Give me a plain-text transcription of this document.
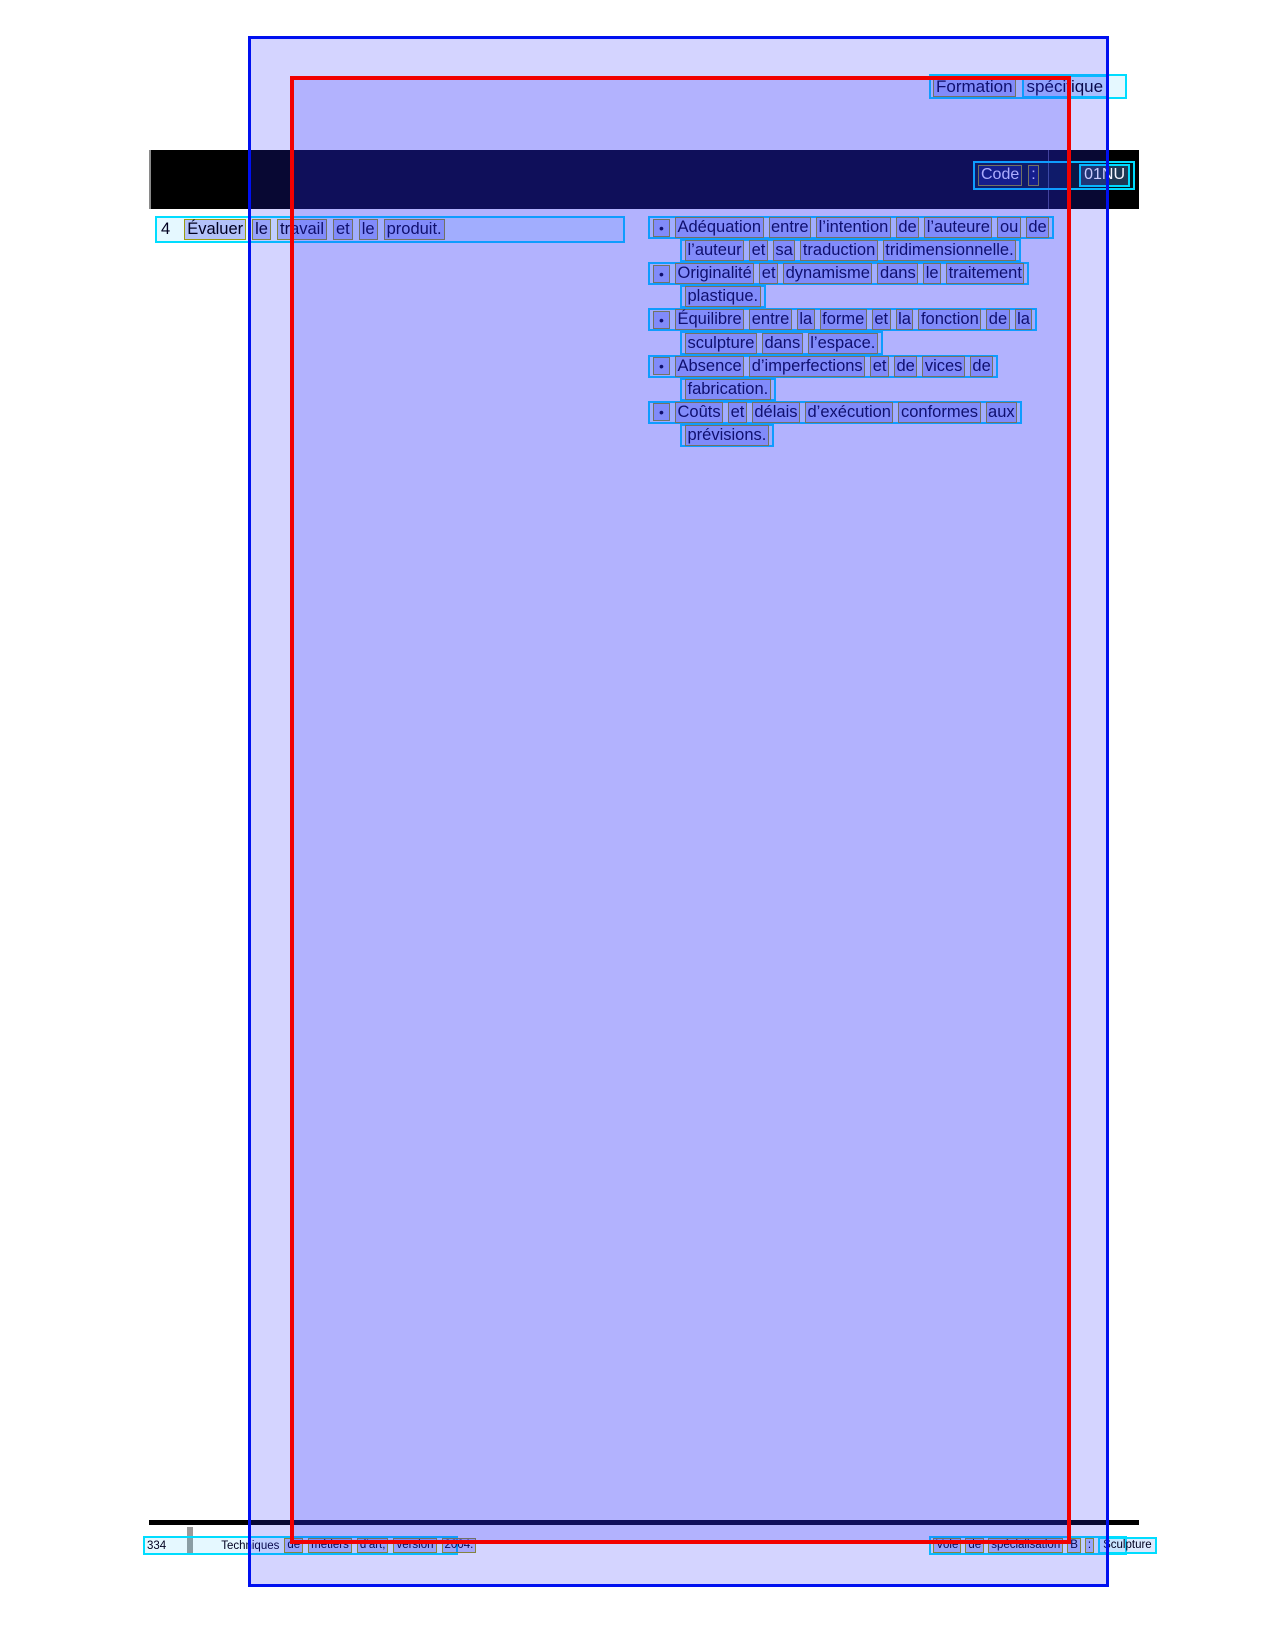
Formation spécifique
Code :	01NU
4 Évaluer le travail et le produit.	• Adéquation entre l’intention de l’auteure ou de
l’auteur et sa traduction tridimensionnelle.
• Originalité et dynamisme dans le traitement
plastique.
• Équilibre entre la forme et la fonction de la
sculpture dans l’espace.
• Absence d’imperfections et de vices de
fabrication.
• Coûts et délais d’exécution conformes aux
prévisions.
334	Techniques de métiers d’art, version 2004.	Voie de spécialisation B :	Sculpture
